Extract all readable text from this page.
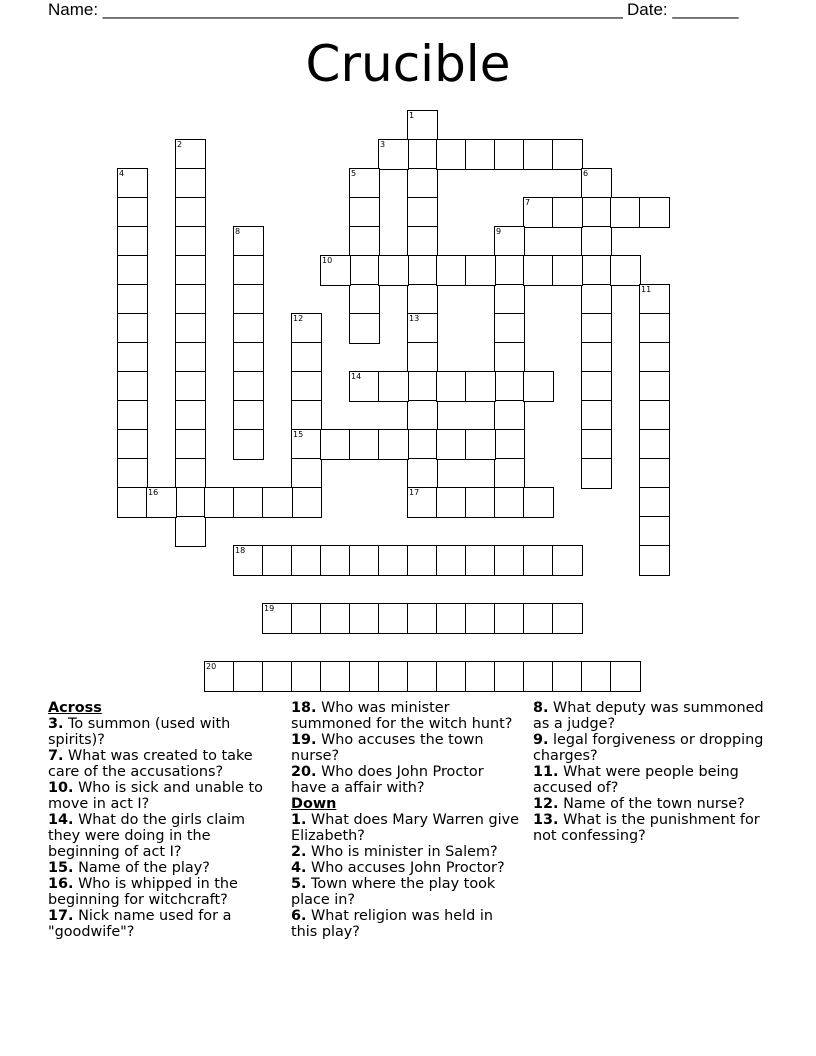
Name: _______________________________________________________ Date: _______
Crucible
1
13
17
2	3
4	5	6
7
8	9
10
11
12
15
14
16
18
19
20
Across
3. To summon (used with spirits)?
7. What was created to take care of the accusations?
10. Who is sick and unable to move in act I?
14. What do the girls claim they were doing in the beginning of act I?
15. Name of the play?
16. Who is whipped in the beginning for witchcraft?
17. Nick name used for a "goodwife"?
18. Who was minister summoned for the witch hunt?
19. Who accuses the town nurse?
20. Who does John Proctor have a affair with?
Down
1. What does Mary Warren give Elizabeth?
2. Who is minister in Salem?
4. Who accuses John Proctor?
5. Town where the play took place in?
6. What religion was held in this play?
8. What deputy was summoned as a judge?
9. legal forgiveness or dropping charges?
11. What were people being accused of?
12. Name of the town nurse?
13. What is the punishment for not confessing?
